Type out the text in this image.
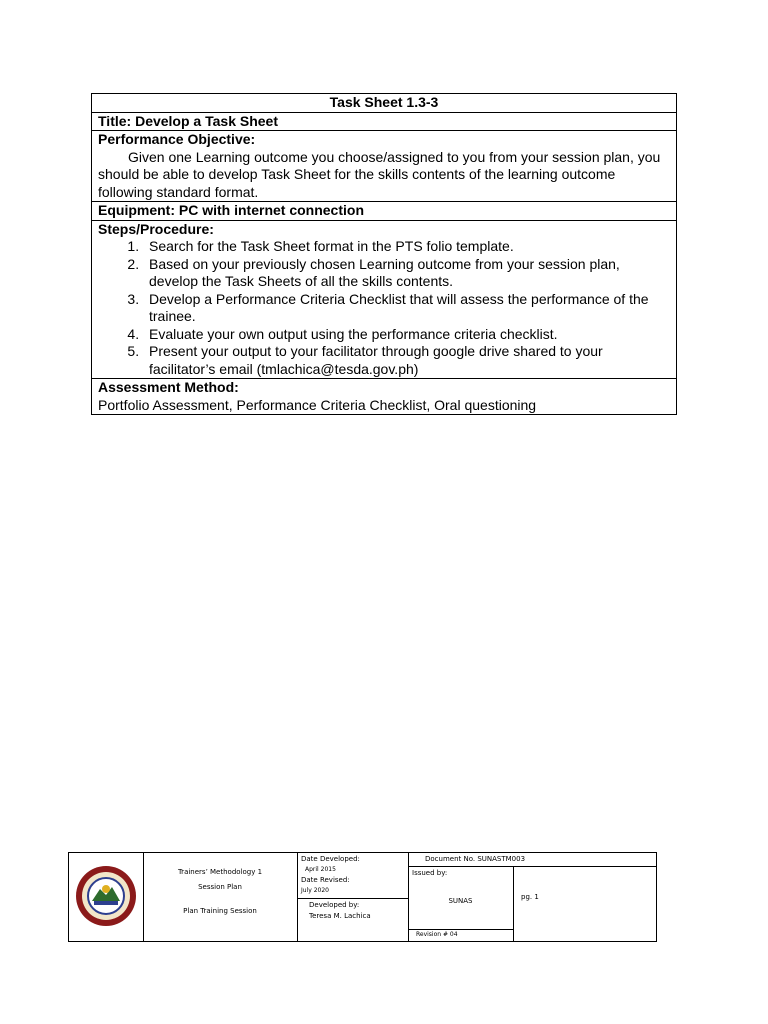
Task Sheet 1.3-3
Title: Develop a Task Sheet

Performance Objective:
Given one Learning outcome you choose/assigned to you from your session plan, you should be able to develop Task Sheet for the skills contents of the learning outcome following standard format.

Equipment: PC with internet connection

Steps/Procedure:
1. Search for the Task Sheet format in the PTS folio template.
2. Based on your previously chosen Learning outcome from your session plan, develop the Task Sheets of all the skills contents.
3. Develop a Performance Criteria Checklist that will assess the performance of the trainee.
4. Evaluate your own output using the performance criteria checklist.
5. Present your output to your facilitator through google drive shared to your facilitator’s email (tmlachica@tesda.gov.ph)

Assessment Method:
Portfolio Assessment, Performance Criteria Checklist, Oral questioning
Trainers’ Methodology 1
Session Plan
Plan Training Session
Date Developed:
April 2015
Date Revised:
July 2020
Developed by:
Teresa M. Lachica
Document No. SUNASTM003
Issued by:
SUNAS
Revision # 04
pg. 1
